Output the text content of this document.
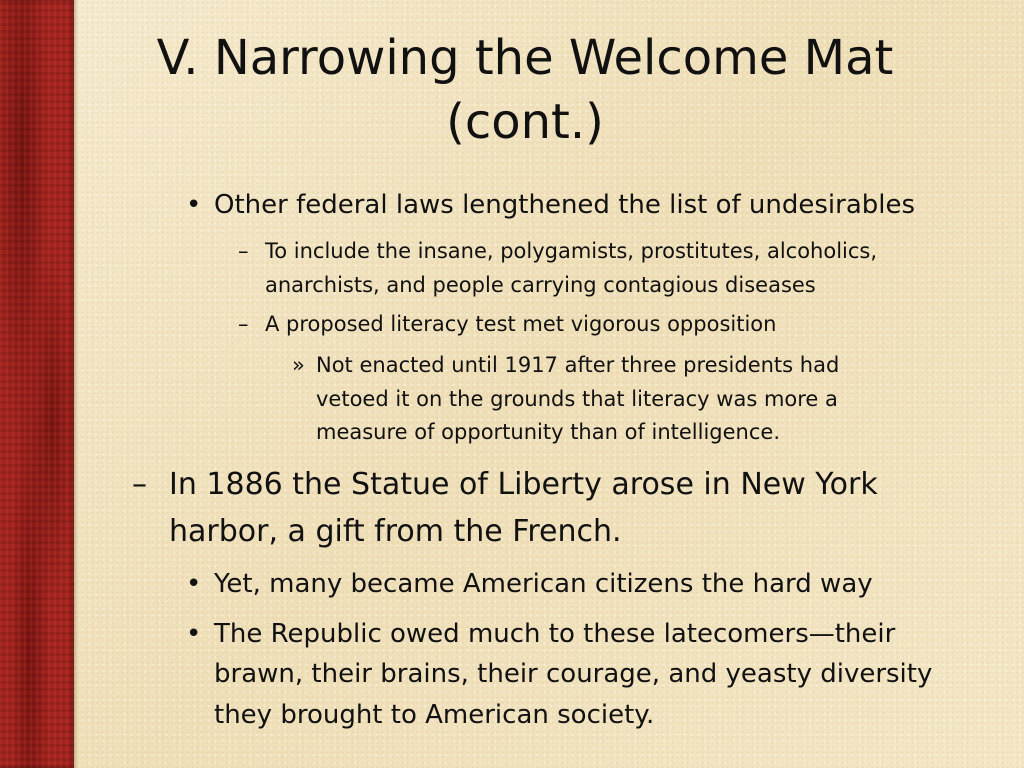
V. Narrowing the Welcome Mat
(cont.)
• Other federal laws lengthened the list of undesirables
– To include the insane, polygamists, prostitutes, alcoholics, anarchists, and people carrying contagious diseases
– A proposed literacy test met vigorous opposition
» Not enacted until 1917 after three presidents had vetoed it on the grounds that literacy was more a measure of opportunity than of intelligence.
– In 1886 the Statue of Liberty arose in New York harbor, a gift from the French.
• Yet, many became American citizens the hard way
• The Republic owed much to these latecomers—their brawn, their brains, their courage, and yeasty diversity they brought to American society.
